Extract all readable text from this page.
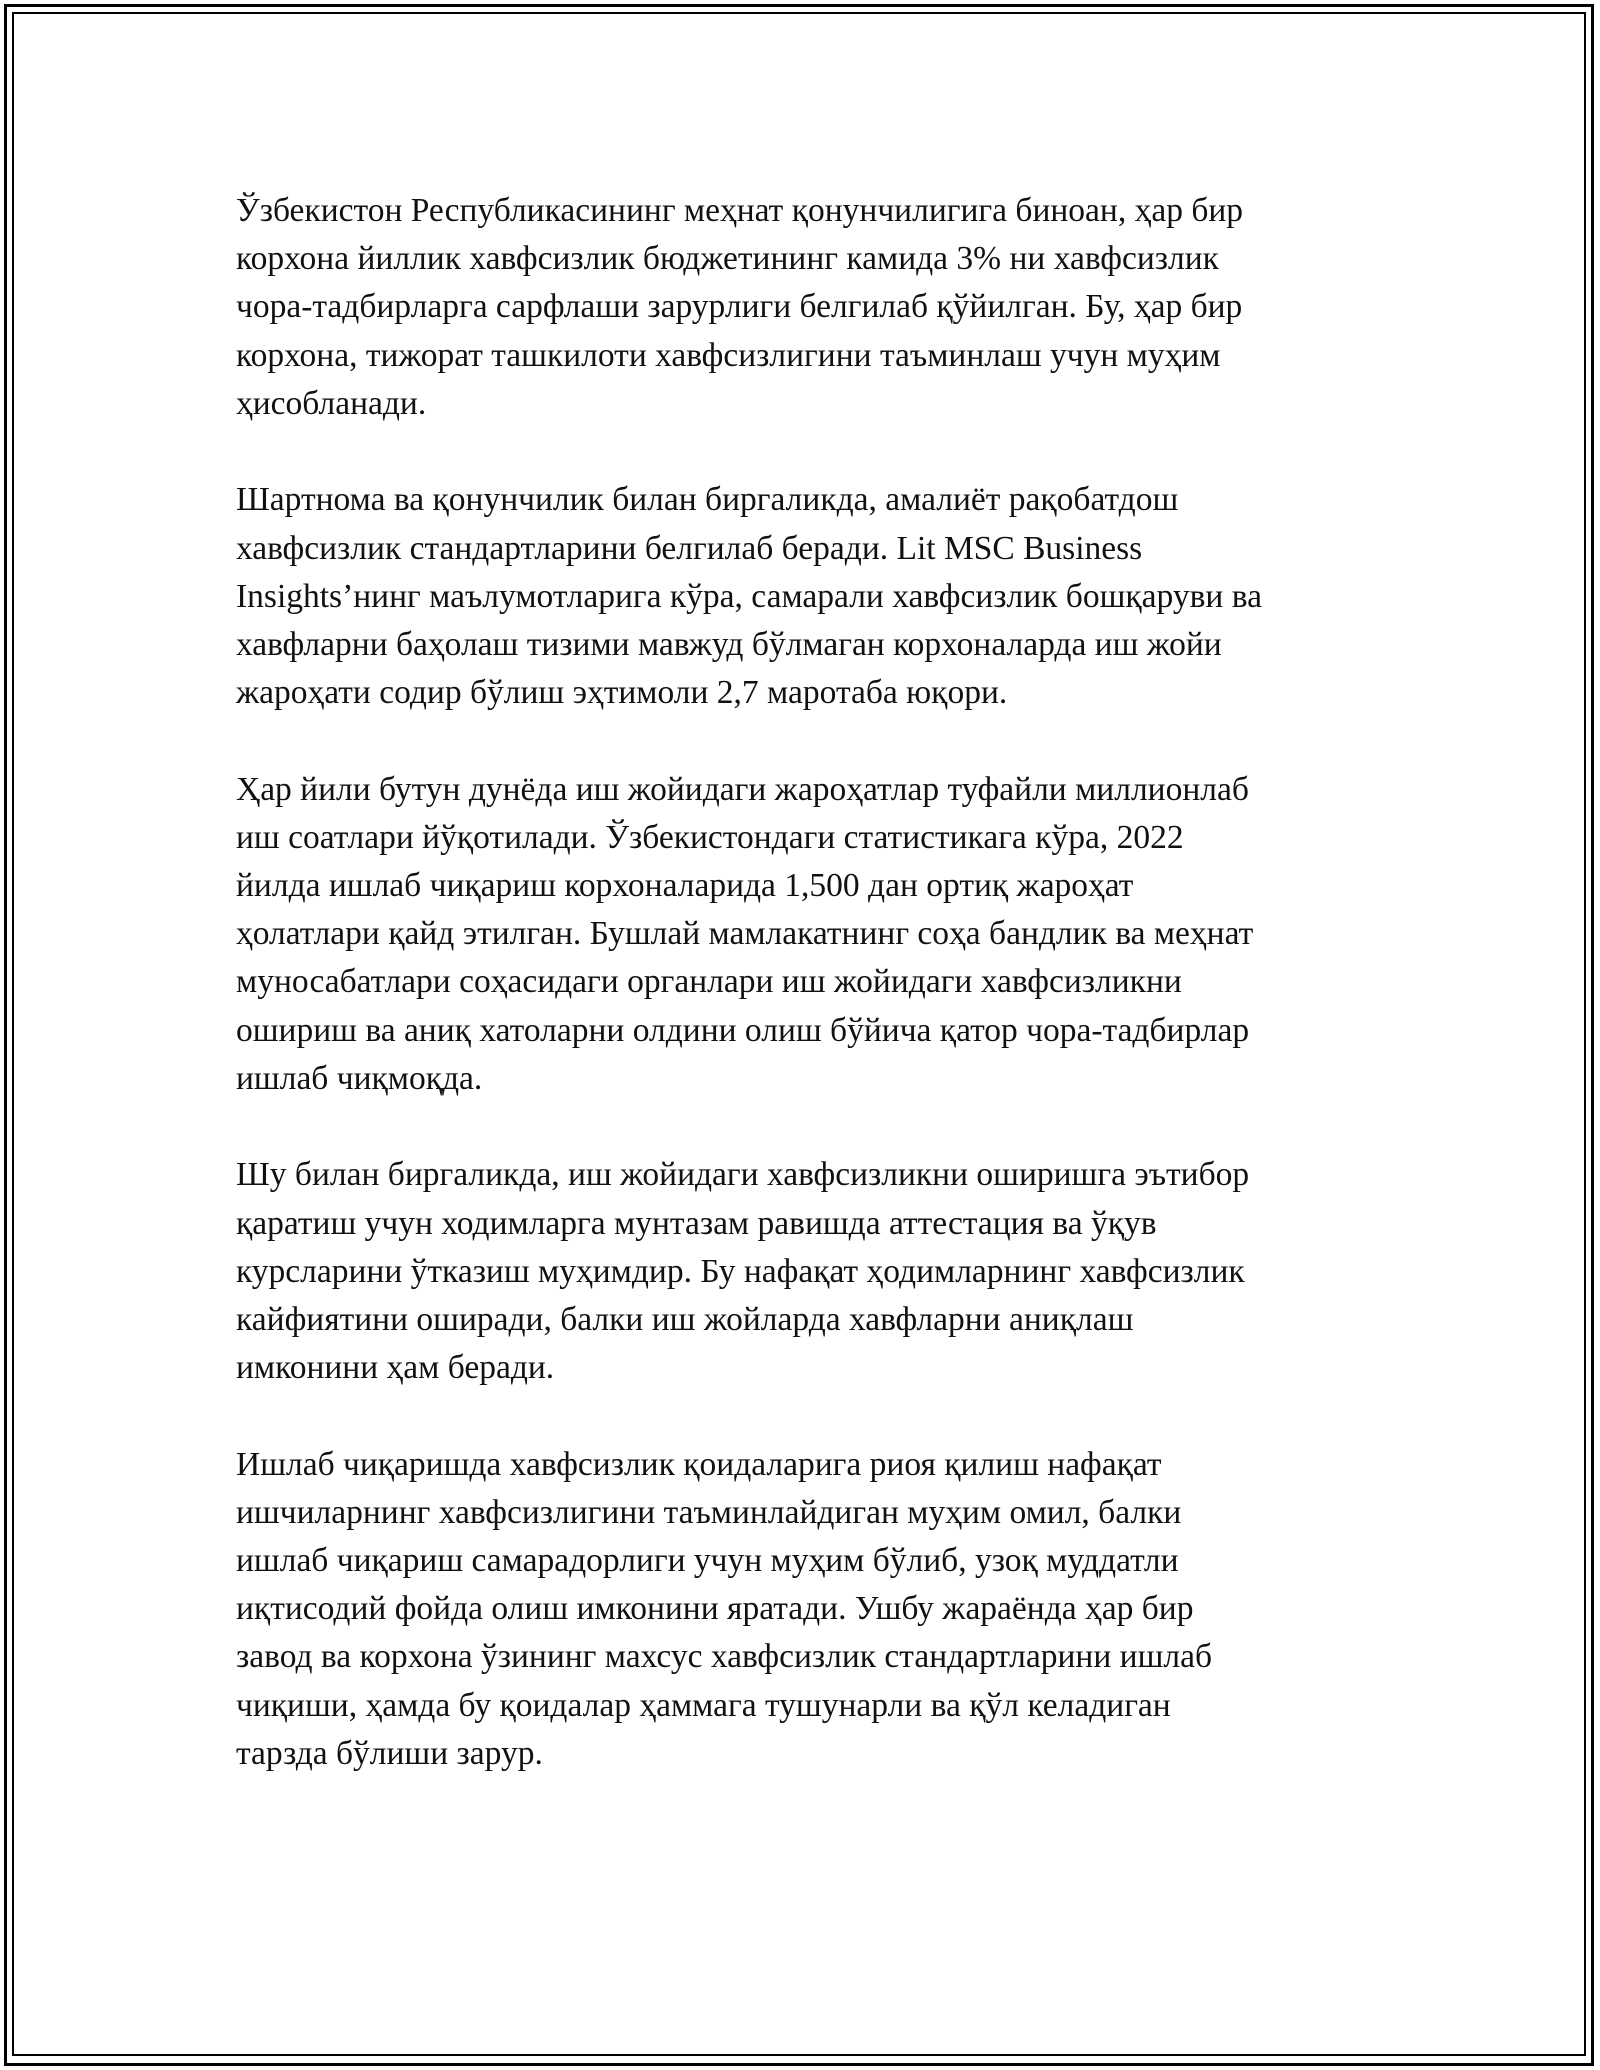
Ўзбекистон Республикасининг меҳнат қонунчилигига биноан, ҳар бир
корхона йиллик хавфсизлик бюджетининг камида 3% ни хавфсизлик
чора-тадбирларга сарфлаши зарурлиги белгилаб қўйилган. Бу, ҳар бир
корхона, тижорат ташкилоти хавфсизлигини таъминлаш учун муҳим
ҳисобланади.

Шартнома ва қонунчилик билан биргаликда, амалиёт рақобатдош
хавфсизлик стандартларини белгилаб беради. Lit MSC Business
Insights’нинг маълумотларига кўра, самарали хавфсизлик бошқаруви ва
хавфларни баҳолаш тизими мавжуд бўлмаган корхоналарда иш жойи
жароҳати содир бўлиш эҳтимоли 2,7 маротаба юқори.

Ҳар йили бутун дунёда иш жойидаги жароҳатлар туфайли миллионлаб
иш соатлари йўқотилади. Ўзбекистондаги статистикага кўра, 2022
йилда ишлаб чиқариш корхоналарида 1,500 дан ортиқ жароҳат
ҳолатлари қайд этилган. Бушлай мамлакатнинг соҳа бандлик ва меҳнат
муносабатлари соҳасидаги органлари иш жойидаги хавфсизликни
ошириш ва аниқ хатоларни олдини олиш бўйича қатор чора-тадбирлар
ишлаб чиқмоқда.

Шу билан биргаликда, иш жойидаги хавфсизликни оширишга эътибор
қаратиш учун ходимларга мунтазам равишда аттестация ва ўқув
курсларини ўтказиш муҳимдир. Бу нафақат ҳодимларнинг хавфсизлик
кайфиятини оширади, балки иш жойларда хавфларни аниқлаш
имконини ҳам беради.

Ишлаб чиқаришда хавфсизлик қоидаларига риоя қилиш нафақат
ишчиларнинг хавфсизлигини таъминлайдиган муҳим омил, балки
ишлаб чиқариш самарадорлиги учун муҳим бўлиб, узоқ муддатли
иқтисодий фойда олиш имконини яратади. Ушбу жараёнда ҳар бир
завод ва корхона ўзининг махсус хавфсизлик стандартларини ишлаб
чиқиши, ҳамда бу қоидалар ҳаммага тушунарли ва қўл келадиган
тарзда бўлиши зарур.
